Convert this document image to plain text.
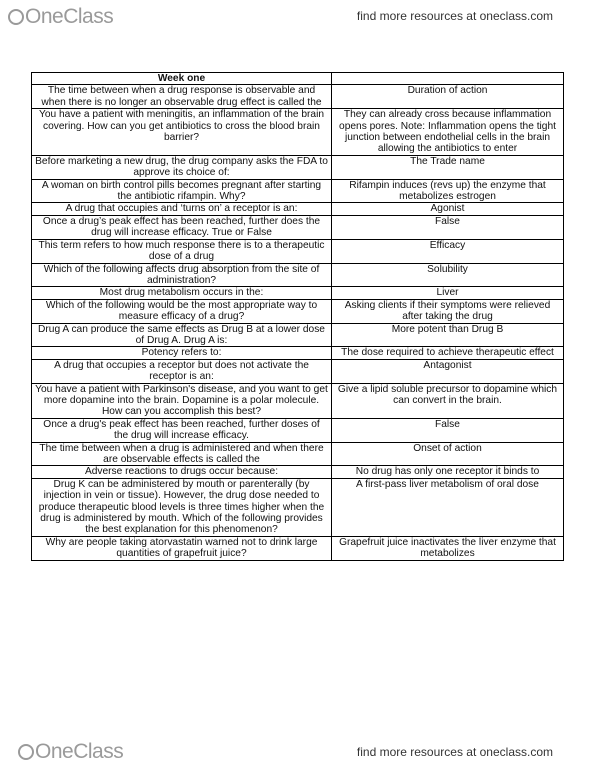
OneClass	find more resources at oneclass.com
Week one	
The time between when a drug response is observable and when there is no longer an observable drug effect is called the	Duration of action
You have a patient with meningitis, an inflammation of the brain covering. How can you get antibiotics to cross the blood brain barrier?	They can already cross because inflammation opens pores. Note: Inflammation opens the tight junction between endothelial cells in the brain allowing the antibiotics to enter
Before marketing a new drug, the drug company asks the FDA to approve its choice of:	The Trade name
A woman on birth control pills becomes pregnant after starting the antibiotic rifampin. Why?	Rifampin induces (revs up) the enzyme that metabolizes estrogen
A drug that occupies and ‘turns on’ a receptor is an:	Agonist
Once a drug’s peak effect has been reached, further does the drug will increase efficacy. True or False	False
This term refers to how much response there is to a therapeutic dose of a drug	Efficacy
Which of the following affects drug absorption from the site of administration?	Solubility
Most drug metabolism occurs in the:	Liver
Which of the following would be the most appropriate way to measure efficacy of a drug?	Asking clients if their symptoms were relieved after taking the drug
Drug A can produce the same effects as Drug B at a lower dose of Drug A. Drug A is:	More potent than Drug B
Potency refers to:	The dose required to achieve therapeutic effect
A drug that occupies a receptor but does not activate the receptor is an:	Antagonist
You have a patient with Parkinson's disease, and you want to get more dopamine into the brain. Dopamine is a polar molecule. How can you accomplish this best?	Give a lipid soluble precursor to dopamine which can convert in the brain.
Once a drug's peak effect has been reached, further doses of the drug will increase efficacy.	False
The time between when a drug is administered and when there are observable effects is called the	Onset of action
Adverse reactions to drugs occur because:	No drug has only one receptor it binds to
Drug K can be administered by mouth or parenterally (by injection in vein or tissue). However, the drug dose needed to produce therapeutic blood levels is three times higher when the drug is administered by mouth. Which of the following provides the best explanation for this phenomenon?	A first-pass liver metabolism of oral dose
Why are people taking atorvastatin warned not to drink large quantities of grapefruit juice?	Grapefruit juice inactivates the liver enzyme that metabolizes
OneClass	find more resources at oneclass.com
